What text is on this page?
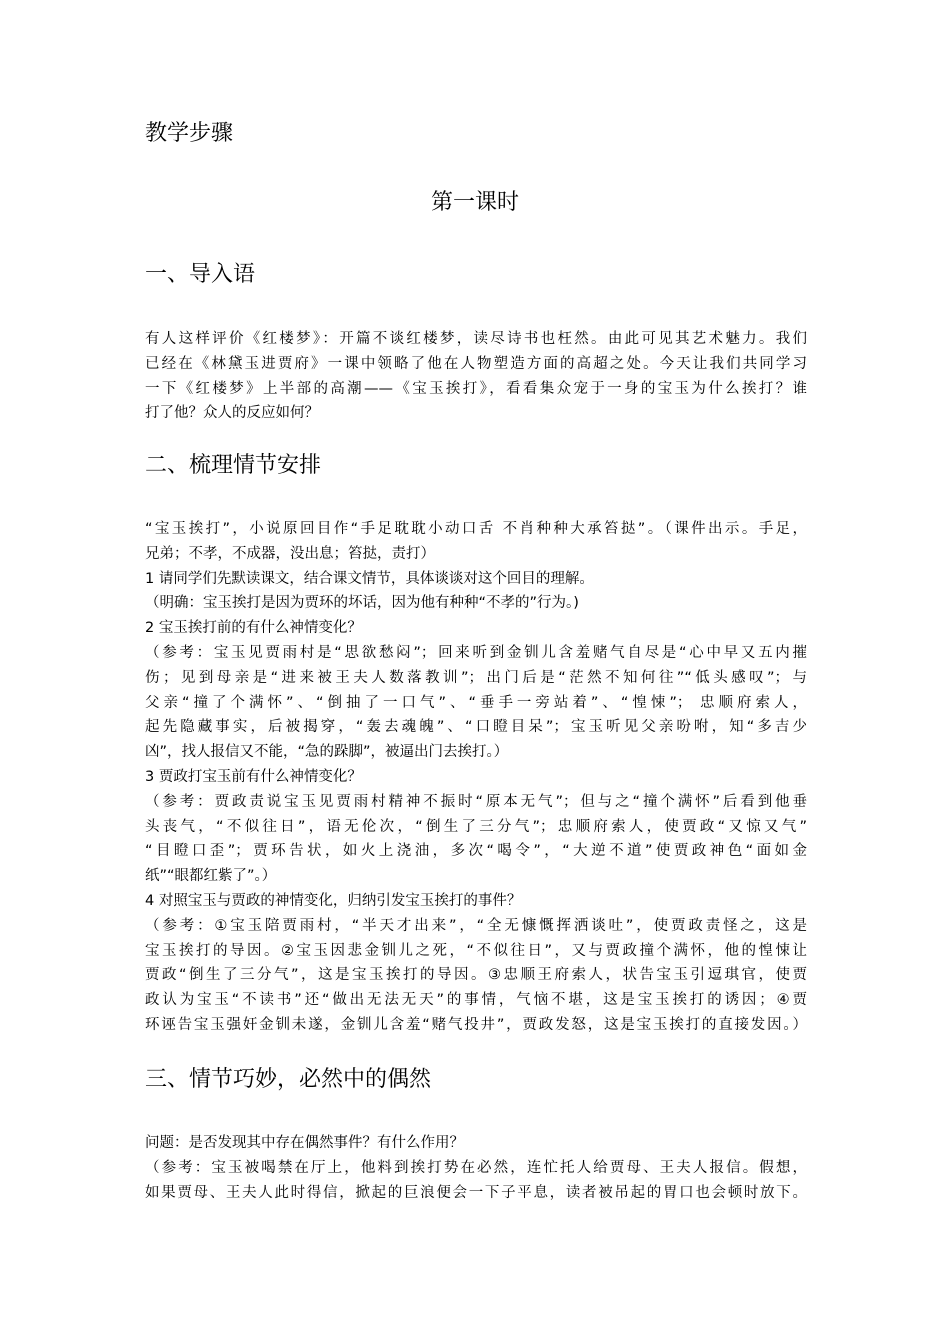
教学步骤
第一课时
一、导入语
有人这样评价《红楼梦》：开篇不谈红楼梦，读尽诗书也枉然。由此可见其艺术魅力。我们
已经在《林黛玉进贾府》一课中领略了他在人物塑造方面的高超之处。今天让我们共同学习
一下《红楼梦》上半部的高潮——《宝玉挨打》，看看集众宠于一身的宝玉为什么挨打？谁
打了他？众人的反应如何？
二、梳理情节安排
“宝玉挨打”，小说原回目作“手足耽耽小动口舌 不肖种种大承笞挞”。（课件出示。手足，
兄弟；不孝，不成器，没出息；笞挞，责打）
1 请同学们先默读课文，结合课文情节，具体谈谈对这个回目的理解。
（明确：宝玉挨打是因为贾环的坏话，因为他有种种“不孝的”行为。)
2 宝玉挨打前的有什么神情变化？
（参考：宝玉见贾雨村是“思欲愁闷”；回来听到金钏儿含羞赌气自尽是“心中早又五内摧
伤；见到母亲是“进来被王夫人数落教训”；出门后是“茫然不知何往”“低头感叹”；与
父亲“撞了个满怀”、“倒抽了一口气”、“垂手一旁站着”、“惶悚”； 忠顺府索人，
起先隐藏事实，后被揭穿，“轰去魂魄”、“口瞪目呆”；宝玉听见父亲吩咐，知“多吉少
凶”，找人报信又不能，“急的跺脚”，被逼出门去挨打。）
3 贾政打宝玉前有什么神情变化？
（参考：贾政责说宝玉见贾雨村精神不振时“原本无气”；但与之“撞个满怀”后看到他垂
头丧气，“不似往日”，语无伦次，“倒生了三分气”；忠顺府索人，使贾政“又惊又气”
“目瞪口歪”；贾环告状，如火上浇油，多次“喝令”，“大逆不道”使贾政神色“面如金
纸”“眼都红紫了”。）
4 对照宝玉与贾政的神情变化，归纳引发宝玉挨打的事件？
（参考：①宝玉陪贾雨村，“半天才出来”，“全无慷慨挥洒谈吐”，使贾政责怪之，这是
宝玉挨打的导因。②宝玉因悲金钏儿之死，“不似往日”，又与贾政撞个满怀，他的惶悚让
贾政“倒生了三分气”，这是宝玉挨打的导因。③忠顺王府索人，状告宝玉引逗琪官，使贾
政认为宝玉“不读书”还“做出无法无天”的事情，气恼不堪，这是宝玉挨打的诱因；④贾
环诬告宝玉强奸金钏未遂，金钏儿含羞“赌气投井”，贾政发怒，这是宝玉挨打的直接发因。）
三、情节巧妙，必然中的偶然
问题：是否发现其中存在偶然事件？有什么作用？
（参考：宝玉被喝禁在厅上，他料到挨打势在必然，连忙托人给贾母、王夫人报信。假想，
如果贾母、王夫人此时得信，掀起的巨浪便会一下子平息，读者被吊起的胃口也会顿时放下。
